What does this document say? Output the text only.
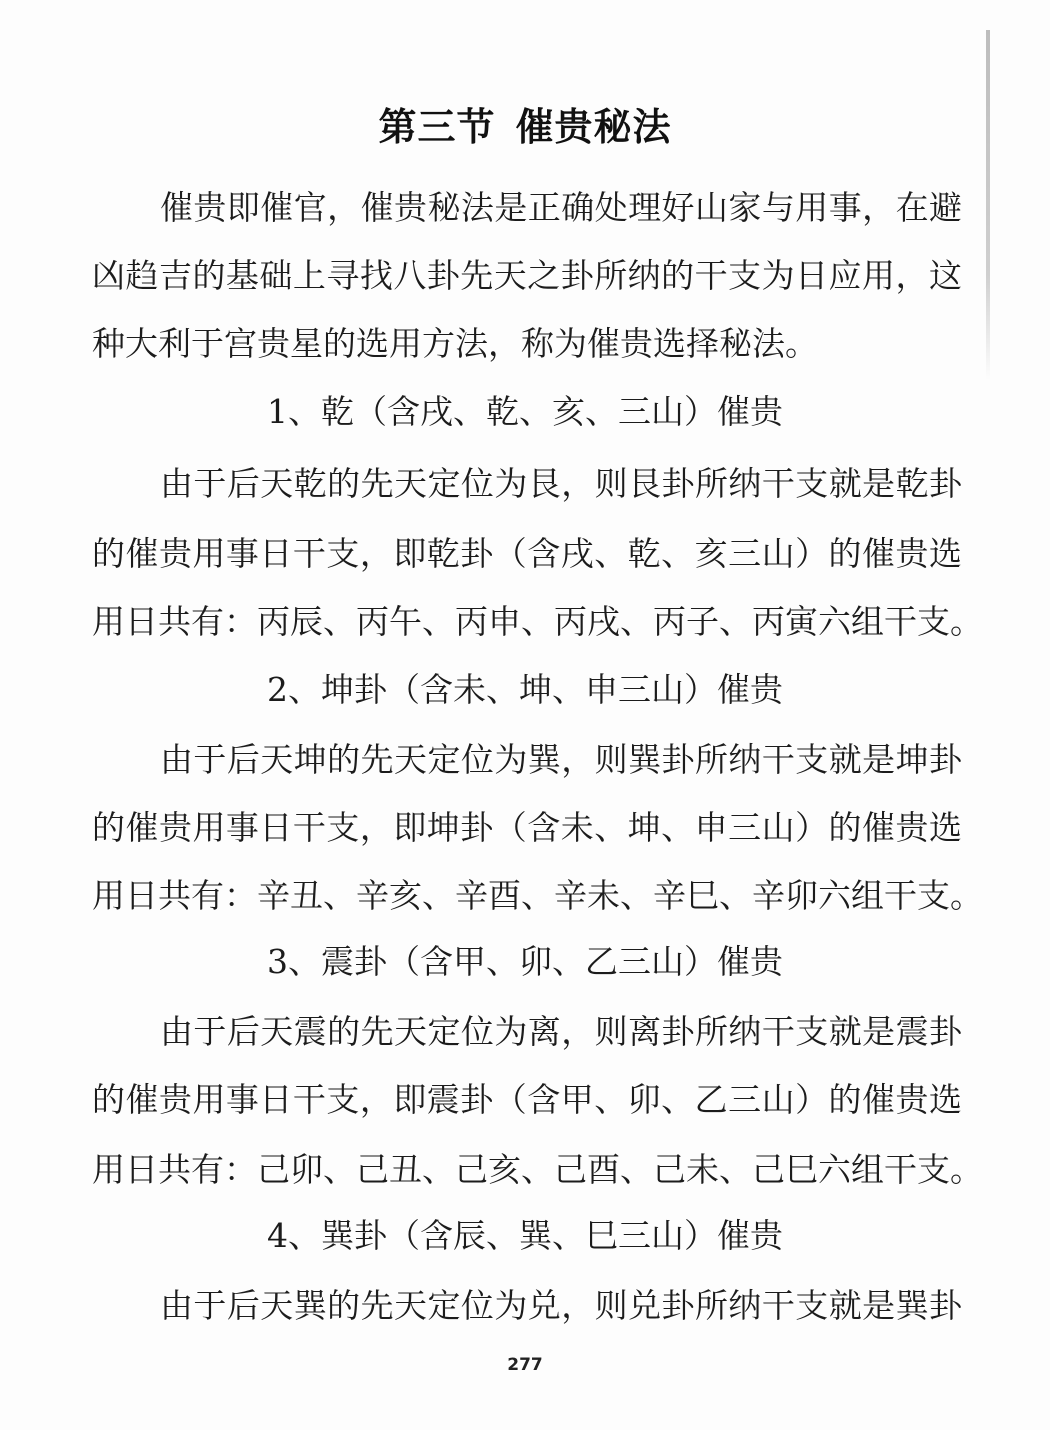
第三节 催贵秘法
催贵即催官，催贵秘法是正确处理好山家与用事，在避
凶趋吉的基础上寻找八卦先天之卦所纳的干支为日应用，这
种大利于宫贵星的选用方法，称为催贵选择秘法。
1、乾（含戌、乾、亥、三山）催贵
由于后天乾的先天定位为艮，则艮卦所纳干支就是乾卦
的催贵用事日干支，即乾卦（含戌、乾、亥三山）的催贵选
用日共有：丙辰、丙午、丙申、丙戌、丙子、丙寅六组干支。
2、坤卦（含未、坤、申三山）催贵
由于后天坤的先天定位为巽，则巽卦所纳干支就是坤卦
的催贵用事日干支，即坤卦（含未、坤、申三山）的催贵选
用日共有：辛丑、辛亥、辛酉、辛未、辛巳、辛卯六组干支。
3、震卦（含甲、卯、乙三山）催贵
由于后天震的先天定位为离，则离卦所纳干支就是震卦
的催贵用事日干支，即震卦（含甲、卯、乙三山）的催贵选
用日共有：己卯、己丑、己亥、己酉、己未、己巳六组干支。
4、巽卦（含辰、巽、巳三山）催贵
由于后天巽的先天定位为兑，则兑卦所纳干支就是巽卦
277
